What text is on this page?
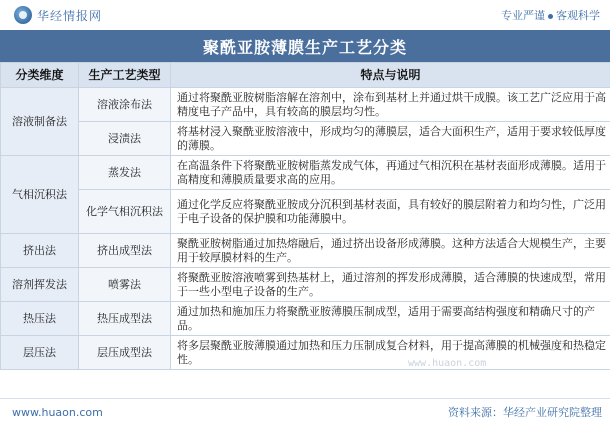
华经情报网	专业严谨 客观科学
聚酰亚胺薄膜生产工艺分类
分类维度	生产工艺类型	特点与说明
溶液制备法	溶液涂布法	通过将聚酰亚胺树脂溶解在溶剂中，涂布到基材上并通过烘干成膜。该工艺广泛应用于高精度电子产品中，具有较高的膜层均匀性。
	浸渍法	将基材浸入聚酰亚胺溶液中，形成均匀的薄膜层，适合大面积生产，适用于要求较低厚度的薄膜。
气相沉积法	蒸发法	在高温条件下将聚酰亚胺树脂蒸发成气体，再通过气相沉积在基材表面形成薄膜。适用于高精度和薄膜质量要求高的应用。
	化学气相沉积法	通过化学反应将聚酰亚胺成分沉积到基材表面，具有较好的膜层附着力和均匀性，广泛用于电子设备的保护膜和功能薄膜中。
挤出法	挤出成型法	聚酰亚胺树脂通过加热熔融后，通过挤出设备形成薄膜。这种方法适合大规模生产，主要用于较厚膜材料的生产。
溶剂挥发法	喷雾法	将聚酰亚胺溶液喷雾到热基材上，通过溶剂的挥发形成薄膜，适合薄膜的快速成型，常用于一些小型电子设备的生产。
热压法	热压成型法	通过加热和施加压力将聚酰亚胺薄膜压制成型，适用于需要高结构强度和精确尺寸的产品。
层压法	层压成型法	将多层聚酰亚胺薄膜通过加热和压力压制成复合材料，用于提高薄膜的机械强度和热稳定性。	www.huaon.com
www.huaon.com	资料来源：华经产业研究院整理
